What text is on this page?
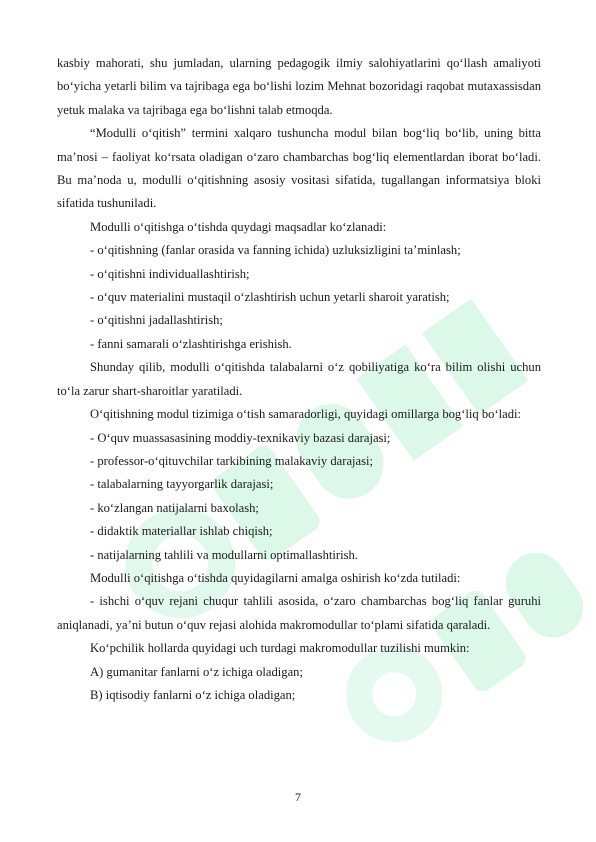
kasbiy mahorati, shu jumladan, ularning pedagogik ilmiy salohiyatlarini qo‘llash amaliyoti bo‘yicha yetarli bilim va tajribaga ega bo‘lishi lozim Mehnat bozoridagi raqobat mutaxassisdan yetuk malaka va tajribaga ega bo‘lishni talab etmoqda.

“Modulli o‘qitish” termini xalqaro tushuncha modul bilan bog‘liq bo‘lib, uning bitta ma’nosi – faoliyat ko‘rsata oladigan o‘zaro chambarchas bog‘liq elementlardan iborat bo‘ladi. Bu ma’noda u, modulli o‘qitishning asosiy vositasi sifatida, tugallangan informatsiya bloki sifatida tushuniladi.

Modulli o‘qitishga o‘tishda quydagi maqsadlar ko‘zlanadi:

- o‘qitishning (fanlar orasida va fanning ichida) uzluksizligini ta’minlash;

- o‘qitishni individuallashtirish;

- o‘quv materialini mustaqil o‘zlashtirish uchun yetarli sharoit yaratish;

- o‘qitishni jadallashtirish;

- fanni samarali o‘zlashtirishga erishish.

Shunday qilib, modulli o‘qitishda talabalarni o‘z qobiliyatiga ko‘ra bilim olishi uchun to‘la zarur shart-sharoitlar yaratiladi.

O‘qitishning modul tizimiga o‘tish samaradorligi, quyidagi omillarga bog‘liq bo‘ladi:

- O‘quv muassasasining moddiy-texnikaviy bazasi darajasi;

- professor-o‘qituvchilar tarkibining malakaviy darajasi;

- talabalarning tayyorgarlik darajasi;

- ko‘zlangan natijalarni baxolash;

- didaktik materiallar ishlab chiqish;

- natijalarning tahlili va modullarni optimallashtirish.

Modulli o‘qitishga o‘tishda quyidagilarni amalga oshirish ko‘zda tutiladi:

- ishchi o‘quv rejani chuqur tahlili asosida, o‘zaro chambarchas bog‘liq fanlar guruhi aniqlanadi, ya’ni butun o‘quv rejasi alohida makromodullar to‘plami sifatida qaraladi.

Ko‘pchilik hollarda quyidagi uch turdagi makromodullar tuzilishi mumkin:

A) gumanitar fanlarni o‘z ichiga oladigan;

B) iqtisodiy fanlarni o‘z ichiga oladigan;

7
